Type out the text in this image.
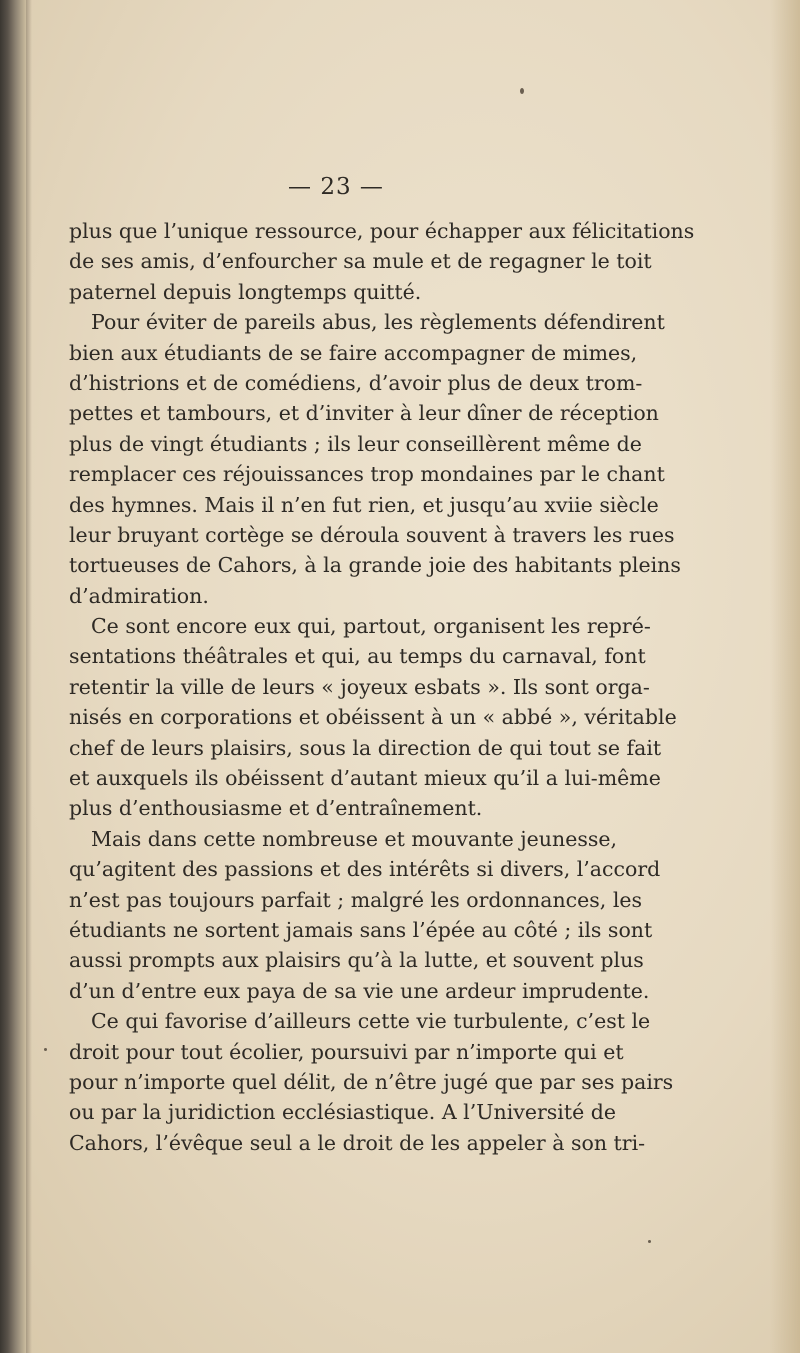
— 23 —
plus que l’unique ressource, pour échapper aux félicitations
de ses amis, d’enfourcher sa mule et de regagner le toit
paternel depuis longtemps quitté.
Pour éviter de pareils abus, les règlements défendirent
bien aux étudiants de se faire accompagner de mimes,
d’histrions et de comédiens, d’avoir plus de deux trom-
pettes et tambours, et d’inviter à leur dîner de réception
plus de vingt étudiants ; ils leur conseillèrent même de
remplacer ces réjouissances trop mondaines par le chant
des hymnes. Mais il n’en fut rien, et jusqu’au xviie siècle
leur bruyant cortège se déroula souvent à travers les rues
tortueuses de Cahors, à la grande joie des habitants pleins
d’admiration.
Ce sont encore eux qui, partout, organisent les repré-
sentations théâtrales et qui, au temps du carnaval, font
retentir la ville de leurs « joyeux esbats ». Ils sont orga-
nisés en corporations et obéissent à un « abbé », véritable
chef de leurs plaisirs, sous la direction de qui tout se fait
et auxquels ils obéissent d’autant mieux qu’il a lui-même
plus d’enthousiasme et d’entraînement.
Mais dans cette nombreuse et mouvante jeunesse,
qu’agitent des passions et des intérêts si divers, l’accord
n’est pas toujours parfait ; malgré les ordonnances, les
étudiants ne sortent jamais sans l’épée au côté ; ils sont
aussi prompts aux plaisirs qu’à la lutte, et souvent plus
d’un d’entre eux paya de sa vie une ardeur imprudente.
Ce qui favorise d’ailleurs cette vie turbulente, c’est le
droit pour tout écolier, poursuivi par n’importe qui et
pour n’importe quel délit, de n’être jugé que par ses pairs
ou par la juridiction ecclésiastique. A l’Université de
Cahors, l’évêque seul a le droit de les appeler à son tri-
